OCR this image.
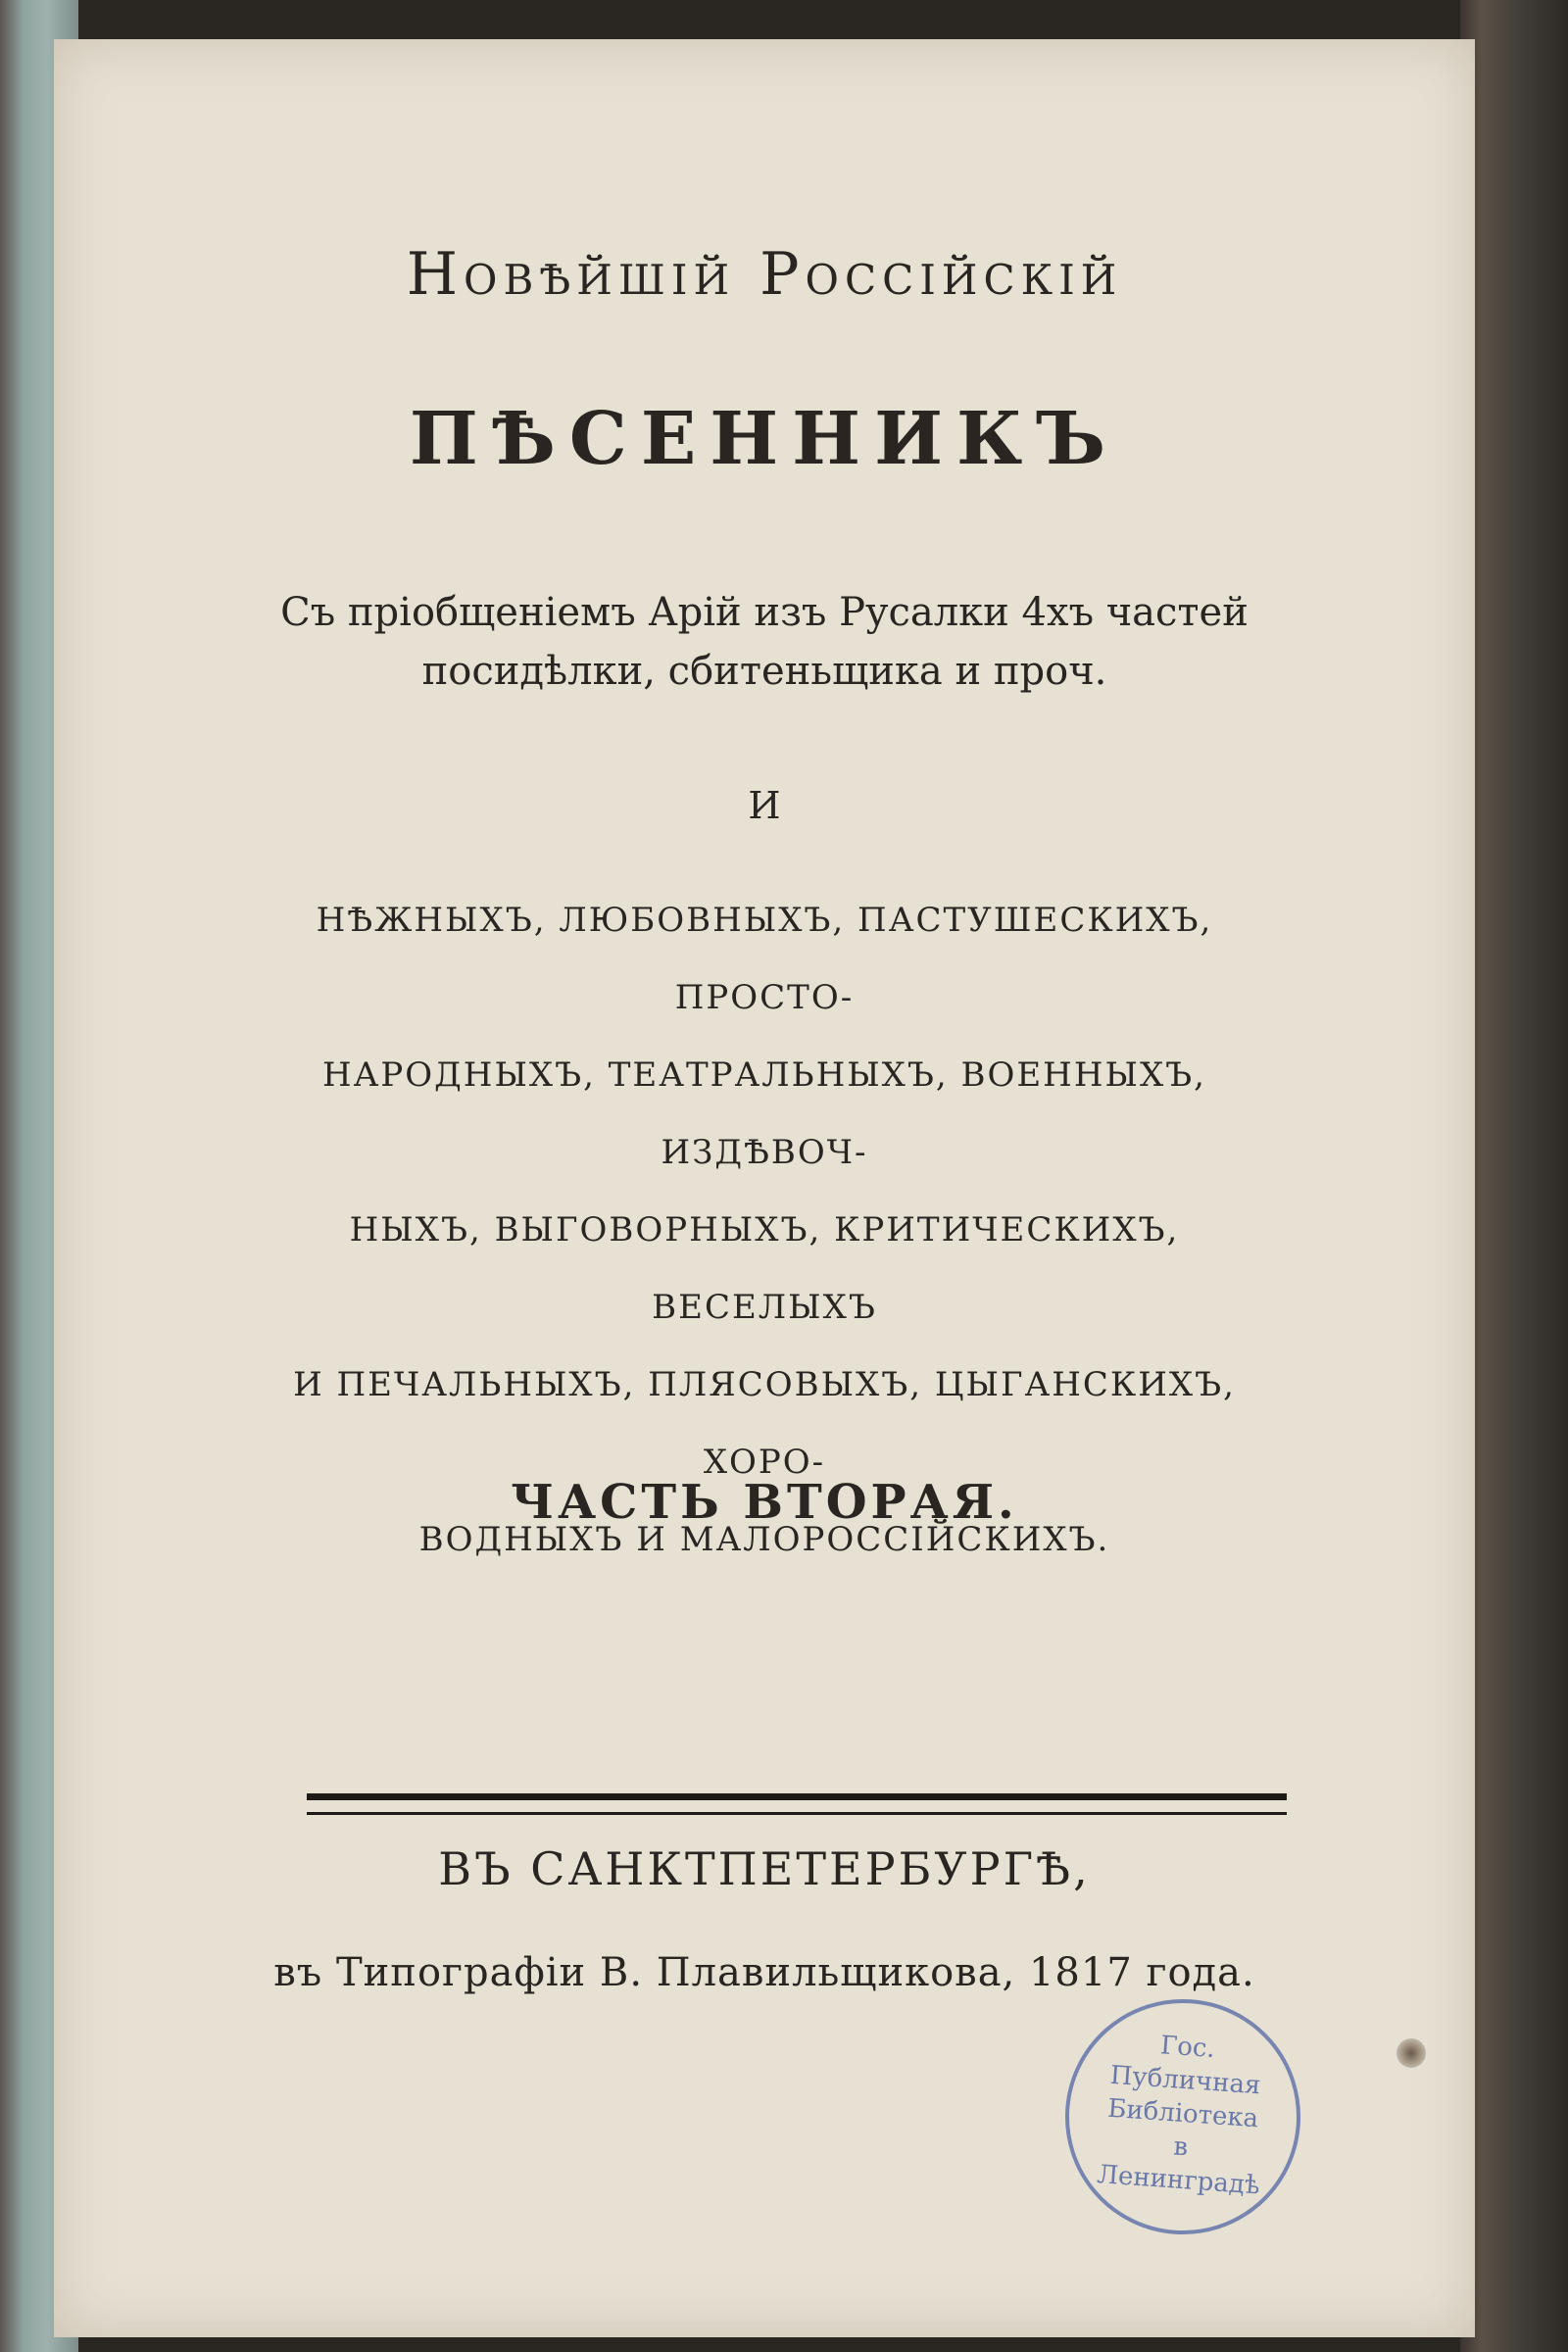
Новѣйшій Россійскій
ПѢСЕННИКЪ
Съ пріобщеніемъ Арій изъ Русалки 4хъ частей
посидѣлки, сбитеньщика и проч.
И
НѢЖНЫХЪ, ЛЮБОВНЫХЪ, ПАСТУШЕСКИХЪ, ПРОСТО-
НАРОДНЫХЪ, ТЕАТРАЛЬНЫХЪ, ВОЕННЫХЪ, ИЗДѢВОЧ-
НЫХЪ, ВЫГОВОРНЫХЪ, КРИТИЧЕСКИХЪ, ВЕСЕЛЫХЪ
И ПЕЧАЛЬНЫХЪ, ПЛЯСОВЫХЪ, ЦЫГАНСКИХЪ, ХОРО-
ВОДНЫХЪ И МАЛОРОССІЙСКИХЪ.
ЧАСТЬ ВТОРАЯ.
ВЪ САНКТПЕТЕРБУРГѢ,
въ Типографіи В. Плавильщикова, 1817 года.
Гос.
Публичная
Библіотека
в
Ленинградѣ
